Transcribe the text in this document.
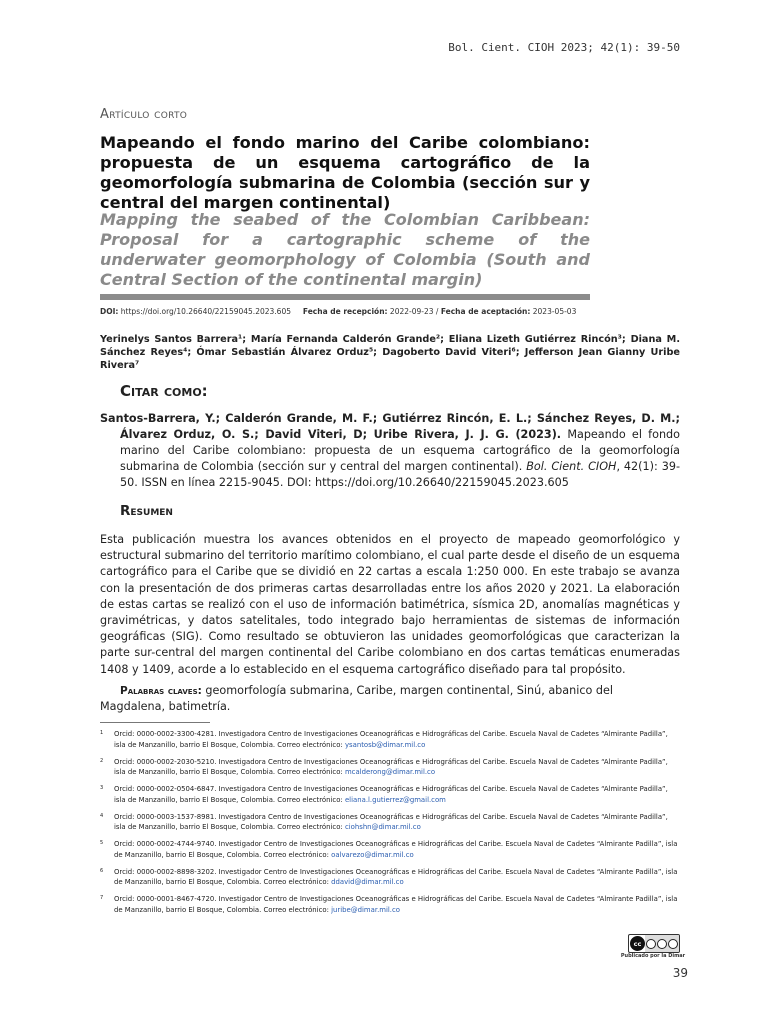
Bol. Cient. CIOH 2023; 42(1): 39-50
Artículo corto
Mapeando el fondo marino del Caribe colombiano: propuesta de un esquema cartográfico de la geomorfología submarina de Colombia (sección sur y central del margen continental)
Mapping the seabed of the Colombian Caribbean: Proposal for a cartographic scheme of the underwater geomorphology of Colombia (South and Central Section of the continental margin)
DOI: https://doi.org/10.26640/22159045.2023.605 Fecha de recepción: 2022-09-23 / Fecha de aceptación: 2023-05-03
Yerinelys Santos Barrera¹; María Fernanda Calderón Grande²; Eliana Lizeth Gutiérrez Rincón³; Diana M. Sánchez Reyes⁴; Ómar Sebastián Álvarez Orduz⁵; Dagoberto David Viteri⁶; Jefferson Jean Gianny Uribe Rivera⁷
Citar como:
Santos-Barrera, Y.; Calderón Grande, M. F.; Gutiérrez Rincón, E. L.; Sánchez Reyes, D. M.; Álvarez Orduz, O. S.; David Viteri, D; Uribe Rivera, J. J. G. (2023). Mapeando el fondo marino del Caribe colombiano: propuesta de un esquema cartográfico de la geomorfología submarina de Colombia (sección sur y central del margen continental). Bol. Cient. CIOH, 42(1): 39-50. ISSN en línea 2215-9045. DOI: https://doi.org/10.26640/22159045.2023.605
Resumen
Esta publicación muestra los avances obtenidos en el proyecto de mapeado geomorfológico y estructural submarino del territorio marítimo colombiano, el cual parte desde el diseño de un esquema cartográfico para el Caribe que se dividió en 22 cartas a escala 1:250 000. En este trabajo se avanza con la presentación de dos primeras cartas desarrolladas entre los años 2020 y 2021. La elaboración de estas cartas se realizó con el uso de información batimétrica, sísmica 2D, anomalías magnéticas y gravimétricas, y datos satelitales, todo integrado bajo herramientas de sistemas de información geográficas (SIG). Como resultado se obtuvieron las unidades geomorfológicas que caracterizan la parte sur-central del margen continental del Caribe colombiano en dos cartas temáticas enumeradas 1408 y 1409, acorde a lo establecido en el esquema cartográfico diseñado para tal propósito.
Palabras claves: geomorfología submarina, Caribe, margen continental, Sinú, abanico del Magdalena, batimetría.
1 Orcid: 0000-0002-3300-4281. Investigadora Centro de Investigaciones Oceanográficas e Hidrográficas del Caribe. Escuela Naval de Cadetes “Almirante Padilla”, isla de Manzanillo, barrio El Bosque, Colombia. Correo electrónico: ysantosb@dimar.mil.co
2 Orcid: 0000-0002-2030-5210. Investigadora Centro de Investigaciones Oceanográficas e Hidrográficas del Caribe. Escuela Naval de Cadetes “Almirante Padilla”, isla de Manzanillo, barrio El Bosque, Colombia. Correo electrónico: mcalderong@dimar.mil.co
3 Orcid: 0000-0002-0504-6847. Investigadora Centro de Investigaciones Oceanográficas e Hidrográficas del Caribe. Escuela Naval de Cadetes “Almirante Padilla”, isla de Manzanillo, barrio El Bosque, Colombia. Correo electrónico: eliana.l.gutierrez@gmail.com
4 Orcid: 0000-0003-1537-8981. Investigadora Centro de Investigaciones Oceanográficas e Hidrográficas del Caribe. Escuela Naval de Cadetes “Almirante Padilla”, isla de Manzanillo, barrio El Bosque, Colombia. Correo electrónico: ciohshn@dimar.mil.co
5 Orcid: 0000-0002-4744-9740. Investigador Centro de Investigaciones Oceanográficas e Hidrográficas del Caribe. Escuela Naval de Cadetes “Almirante Padilla”, isla de Manzanillo, barrio El Bosque, Colombia. Correo electrónico: oalvarezo@dimar.mil.co
6 Orcid: 0000-0002-8898-3202. Investigador Centro de Investigaciones Oceanográficas e Hidrográficas del Caribe. Escuela Naval de Cadetes “Almirante Padilla”, isla de Manzanillo, barrio El Bosque, Colombia. Correo electrónico: ddavid@dimar.mil.co
7 Orcid: 0000-0001-8467-4720. Investigador Centro de Investigaciones Oceanográficas e Hidrográficas del Caribe. Escuela Naval de Cadetes “Almirante Padilla”, isla de Manzanillo, barrio El Bosque, Colombia. Correo electrónico: juribe@dimar.mil.co
cc
Publicado por la Dimar
39
